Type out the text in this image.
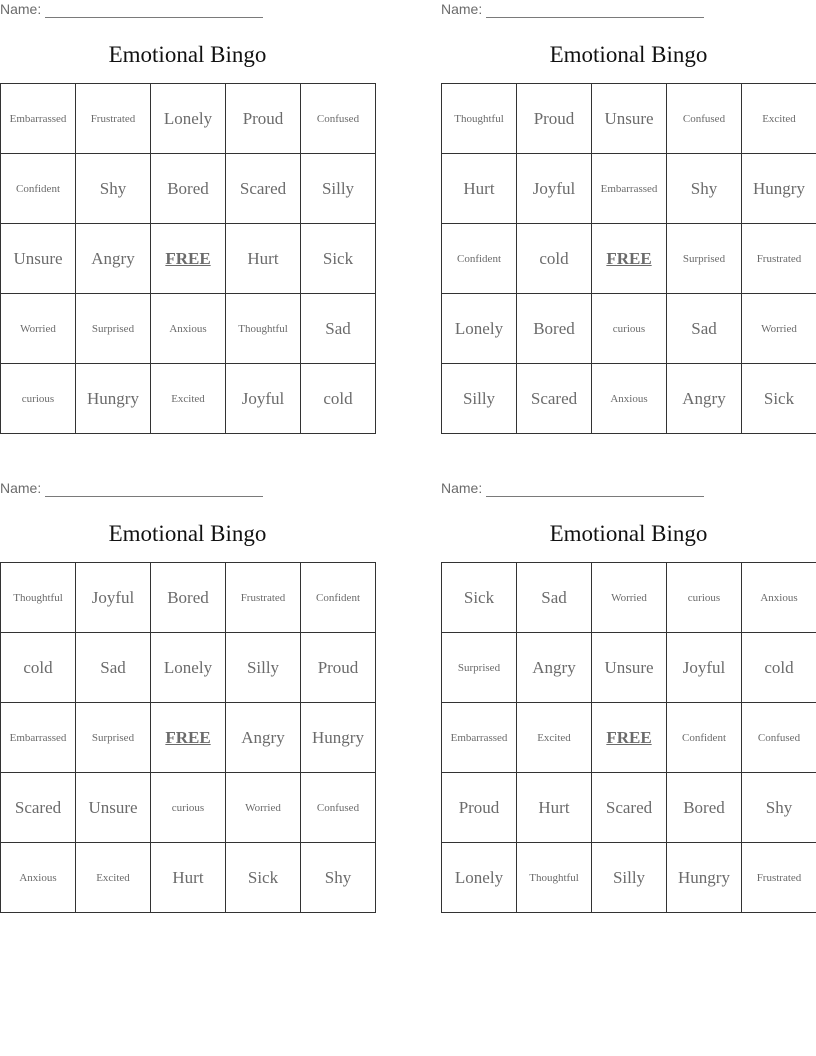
Name:
Emotional Bingo
Embarrassed	Frustrated	Lonely	Proud	Confused
Confident	Shy	Bored	Scared	Silly
Unsure	Angry	FREE	Hurt	Sick
Worried	Surprised	Anxious	Thoughtful	Sad
curious	Hungry	Excited	Joyful	cold
Name:
Emotional Bingo
Thoughtful	Proud	Unsure	Confused	Excited
Hurt	Joyful	Embarrassed	Shy	Hungry
Confident	cold	FREE	Surprised	Frustrated
Lonely	Bored	curious	Sad	Worried
Silly	Scared	Anxious	Angry	Sick
Name:
Emotional Bingo
Thoughtful	Joyful	Bored	Frustrated	Confident
cold	Sad	Lonely	Silly	Proud
Embarrassed	Surprised	FREE	Angry	Hungry
Scared	Unsure	curious	Worried	Confused
Anxious	Excited	Hurt	Sick	Shy
Name:
Emotional Bingo
Sick	Sad	Worried	curious	Anxious
Surprised	Angry	Unsure	Joyful	cold
Embarrassed	Excited	FREE	Confident	Confused
Proud	Hurt	Scared	Bored	Shy
Lonely	Thoughtful	Silly	Hungry	Frustrated
